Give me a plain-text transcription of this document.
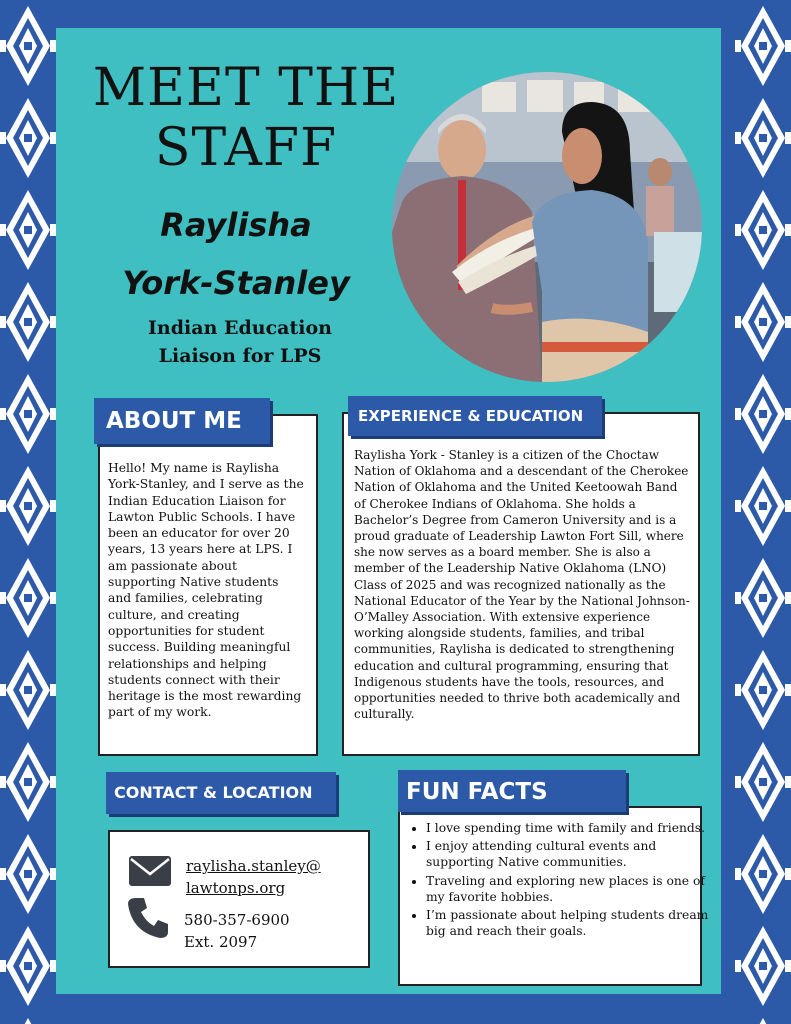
MEET THE
STAFF
Raylisha
York-Stanley
Indian Education
Liaison for LPS
ABOUT ME

Hello! My name is Raylisha York-Stanley, and I serve as the Indian Education Liaison for Lawton Public Schools. I have been an educator for over 20 years, 13 years here at LPS. I am passionate about supporting Native students and families, celebrating culture, and creating opportunities for student success. Building meaningful relationships and helping students connect with their heritage is the most rewarding part of my work.

EXPERIENCE & EDUCATION

Raylisha York - Stanley is a citizen of the Choctaw Nation of Oklahoma and a descendant of the Cherokee Nation of Oklahoma and the United Keetoowah Band of Cherokee Indians of Oklahoma. She holds a Bachelor’s Degree from Cameron University and is a proud graduate of Leadership Lawton Fort Sill, where she now serves as a board member. She is also a member of the Leadership Native Oklahoma (LNO) Class of 2025 and was recognized nationally as the National Educator of the Year by the National Johnson-O’Malley Association. With extensive experience working alongside students, families, and tribal communities, Raylisha is dedicated to strengthening education and cultural programming, ensuring that Indigenous students have the tools, resources, and opportunities needed to thrive both academically and culturally.

CONTACT & LOCATION
raylisha.stanley@
lawtonps.org
580-357-6900
Ext. 2097
FUN FACTS
• I love spending time with family and friends.
• I enjoy attending cultural events and supporting Native communities.
• Traveling and exploring new places is one of my favorite hobbies.
• I’m passionate about helping students dream big and reach their goals.
